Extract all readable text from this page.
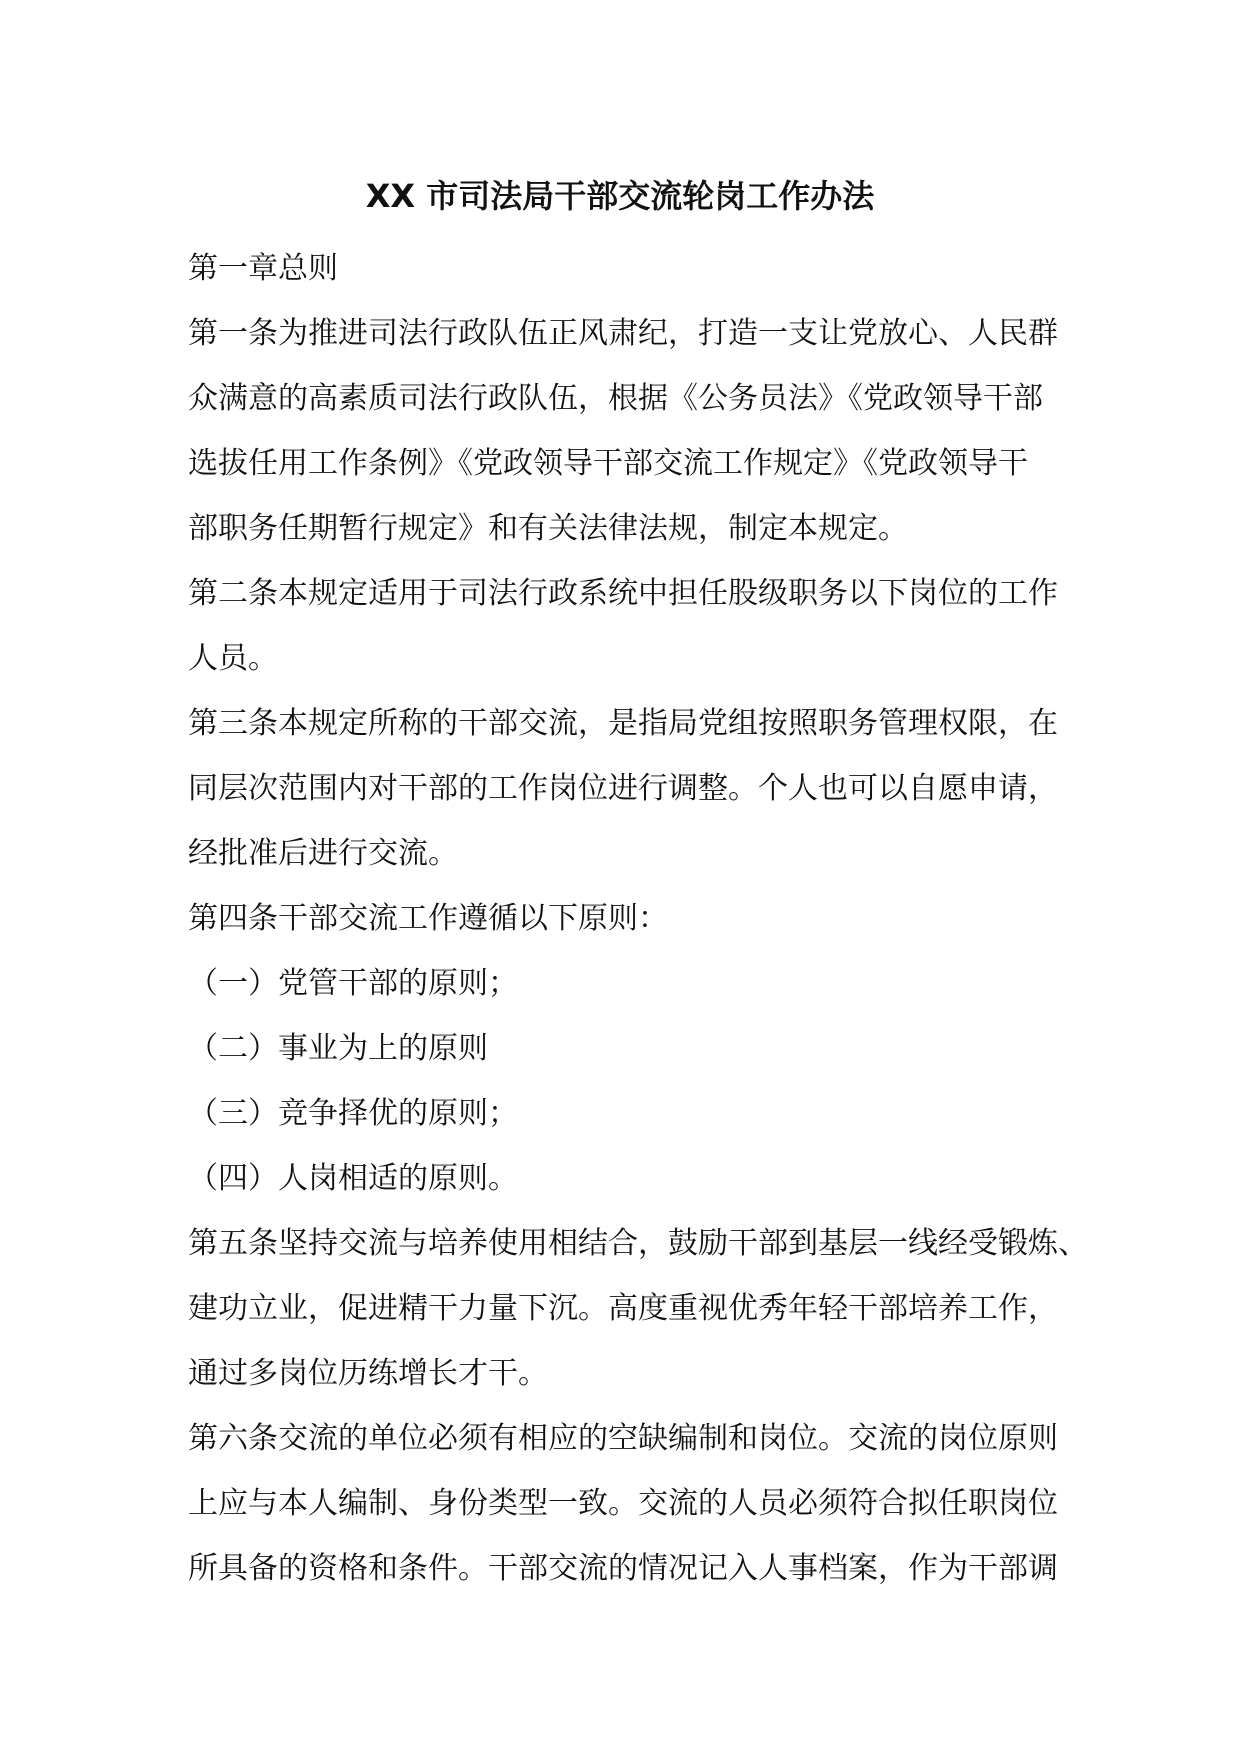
XX 市司法局干部交流轮岗工作办法
第一章总则
第一条为推进司法行政队伍正风肃纪，打造一支让党放心、人民群
众满意的高素质司法行政队伍，根据《公务员法》《党政领导干部
选拔任用工作条例》《党政领导干部交流工作规定》《党政领导干
部职务任期暂行规定》和有关法律法规，制定本规定。
第二条本规定适用于司法行政系统中担任股级职务以下岗位的工作
人员。
第三条本规定所称的干部交流，是指局党组按照职务管理权限，在
同层次范围内对干部的工作岗位进行调整。个人也可以自愿申请，
经批准后进行交流。
第四条干部交流工作遵循以下原则：
（一）党管干部的原则；
（二）事业为上的原则
（三）竞争择优的原则；
（四）人岗相适的原则。
第五条坚持交流与培养使用相结合，鼓励干部到基层一线经受锻炼、
建功立业，促进精干力量下沉。高度重视优秀年轻干部培养工作，
通过多岗位历练增长才干。
第六条交流的单位必须有相应的空缺编制和岗位。交流的岗位原则
上应与本人编制、身份类型一致。交流的人员必须符合拟任职岗位
所具备的资格和条件。干部交流的情况记入人事档案，作为干部调
